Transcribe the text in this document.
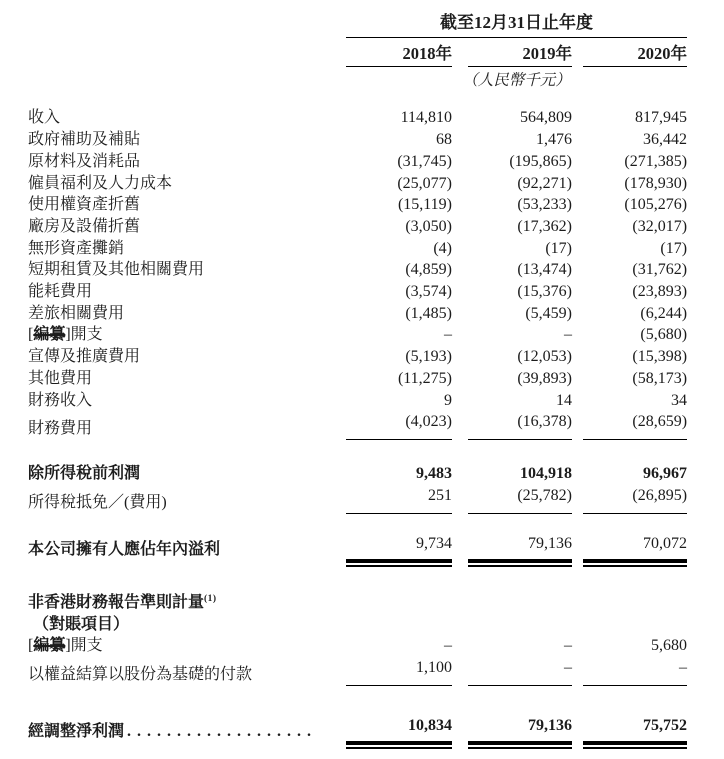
	截至12月31日止年度				
	2018年		2019年		2020年
	（人民幣千元）				
收入	114,810		564,809		817,945
政府補助及補貼	68		1,476		36,442
原材料及消耗品	(31,745)		(195,865)		(271,385)
僱員福利及人力成本	(25,077)		(92,271)		(178,930)
使用權資產折舊	(15,119)		(53,233)		(105,276)
廠房及設備折舊	(3,050)		(17,362)		(32,017)
無形資產攤銷	(4)		(17)		(17)
短期租賃及其他相關費用	(4,859)		(13,474)		(31,762)
能耗費用	(3,574)		(15,376)		(23,893)
差旅相關費用	(1,485)		(5,459)		(6,244)
[編纂]開支	–		–		(5,680)
宣傳及推廣費用	(5,193)		(12,053)		(15,398)
其他費用	(11,275)		(39,893)		(58,173)
財務收入	9		14		34
財務費用	(4,023)		(16,378)		(28,659)

除所得稅前利潤	9,483		104,918		96,967
所得稅抵免／(費用)	251		(25,782)		(26,895)

本公司擁有人應佔年內溢利	9,734		79,136		70,072

非香港財務報告準則計量$^{(1)}$					
（對賬項目）					
[編纂]開支	–		–		5,680
以權益結算以股份為基礎的付款	1,100		–		–

經調整淨利潤 ...................	10,834		79,136		75,752
